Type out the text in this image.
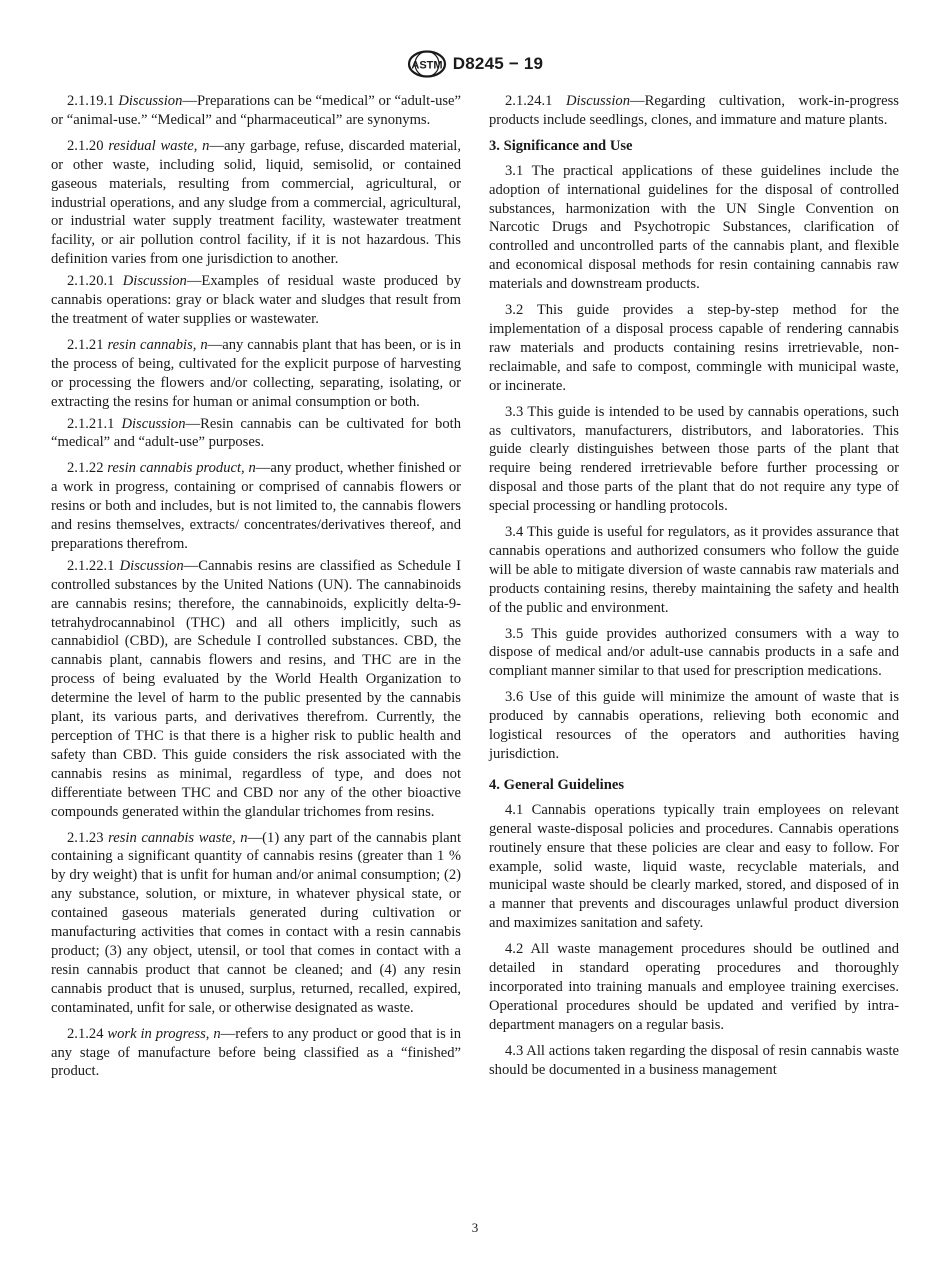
ASTM D8245 − 19

2.1.19.1 Discussion—Preparations can be “medical” or “adult-use” or “animal-use.” “Medical” and “pharmaceutical” are synonyms.

2.1.20 residual waste, n—any garbage, refuse, discarded material, or other waste, including solid, liquid, semisolid, or contained gaseous materials, resulting from commercial, agricultural, or industrial operations, and any sludge from a commercial, agricultural, or industrial water supply treatment facility, wastewater treatment facility, or air pollution control facility, if it is not hazardous. This definition varies from one jurisdiction to another.

2.1.20.1 Discussion—Examples of residual waste produced by cannabis operations: gray or black water and sludges that result from the treatment of water supplies or wastewater.

2.1.21 resin cannabis, n—any cannabis plant that has been, or is in the process of being, cultivated for the explicit purpose of harvesting or processing the flowers and/or collecting, separating, isolating, or extracting the resins for human or animal consumption or both.

2.1.21.1 Discussion—Resin cannabis can be cultivated for both “medical” and “adult-use” purposes.

2.1.22 resin cannabis product, n—any product, whether finished or a work in progress, containing or comprised of cannabis flowers or resins or both and includes, but is not limited to, the cannabis flowers and resins themselves, extracts/ concentrates/derivatives thereof, and preparations therefrom.

2.1.22.1 Discussion—Cannabis resins are classified as Schedule I controlled substances by the United Nations (UN). The cannabinoids are cannabis resins; therefore, the cannabinoids, explicitly delta-9-tetrahydrocannabinol (THC) and all others implicitly, such as cannabidiol (CBD), are Schedule I controlled substances. CBD, the cannabis plant, cannabis flowers and resins, and THC are in the process of being evaluated by the World Health Organization to determine the level of harm to the public presented by the cannabis plant, its various parts, and derivatives therefrom. Currently, the perception of THC is that there is a higher risk to public health and safety than CBD. This guide considers the risk associated with the cannabis resins as minimal, regardless of type, and does not differentiate between THC and CBD nor any of the other bioactive compounds generated within the glandular trichomes from resins.

2.1.23 resin cannabis waste, n—(1) any part of the cannabis plant containing a significant quantity of cannabis resins (greater than 1 % by dry weight) that is unfit for human and/or animal consumption; (2) any substance, solution, or mixture, in whatever physical state, or contained gaseous materials generated during cultivation or manufacturing activities that comes in contact with a resin cannabis product; (3) any object, utensil, or tool that comes in contact with a resin cannabis product that cannot be cleaned; and (4) any resin cannabis product that is unused, surplus, returned, recalled, expired, contaminated, unfit for sale, or otherwise designated as waste.

2.1.24 work in progress, n—refers to any product or good that is in any stage of manufacture before being classified as a “finished” product.

2.1.24.1 Discussion—Regarding cultivation, work-in-progress products include seedlings, clones, and immature and mature plants.

3. Significance and Use

3.1 The practical applications of these guidelines include the adoption of international guidelines for the disposal of controlled substances, harmonization with the UN Single Convention on Narcotic Drugs and Psychotropic Substances, clarification of controlled and uncontrolled parts of the cannabis plant, and flexible and economical disposal methods for resin containing cannabis raw materials and downstream products.

3.2 This guide provides a step-by-step method for the implementation of a disposal process capable of rendering cannabis raw materials and products containing resins irretrievable, non-reclaimable, and safe to compost, commingle with municipal waste, or incinerate.

3.3 This guide is intended to be used by cannabis operations, such as cultivators, manufacturers, distributors, and laboratories. This guide clearly distinguishes between those parts of the plant that require being rendered irretrievable before further processing or disposal and those parts of the plant that do not require any type of special processing or handling protocols.

3.4 This guide is useful for regulators, as it provides assurance that cannabis operations and authorized consumers who follow the guide will be able to mitigate diversion of waste cannabis raw materials and products containing resins, thereby maintaining the safety and health of the public and environment.

3.5 This guide provides authorized consumers with a way to dispose of medical and/or adult-use cannabis products in a safe and compliant manner similar to that used for prescription medications.

3.6 Use of this guide will minimize the amount of waste that is produced by cannabis operations, relieving both economic and logistical resources of the operators and authorities having jurisdiction.

4. General Guidelines

4.1 Cannabis operations typically train employees on relevant general waste-disposal policies and procedures. Cannabis operations routinely ensure that these policies are clear and easy to follow. For example, solid waste, liquid waste, recyclable materials, and municipal waste should be clearly marked, stored, and disposed of in a manner that prevents and discourages unlawful product diversion and maximizes sanitation and safety.

4.2 All waste management procedures should be outlined and detailed in standard operating procedures and thoroughly incorporated into training manuals and employee training exercises. Operational procedures should be updated and verified by intra-department managers on a regular basis.

4.3 All actions taken regarding the disposal of resin cannabis waste should be documented in a business management

3
